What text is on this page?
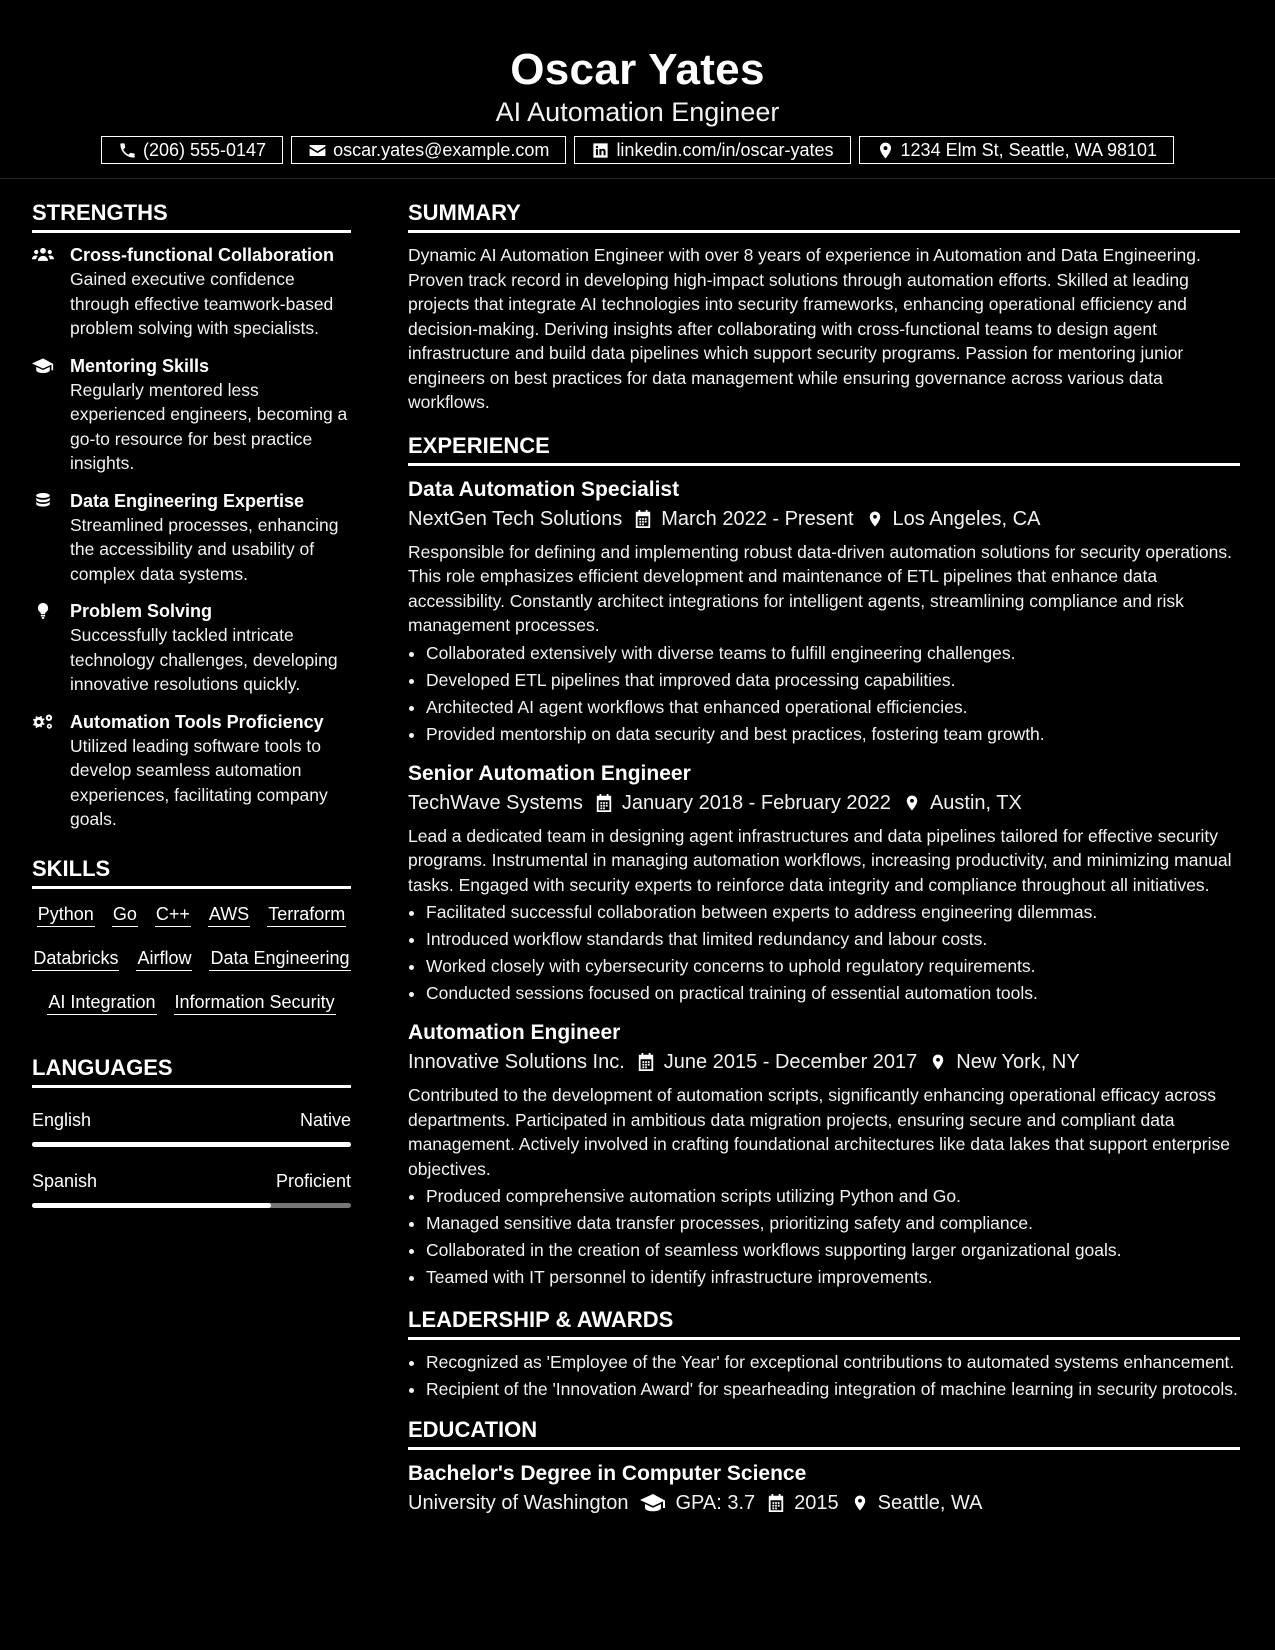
Oscar Yates
AI Automation Engineer
(206) 555-0147	oscar.yates@example.com	linkedin.com/in/oscar-yates	1234 Elm St, Seattle, WA 98101
STRENGTHS
Cross-functional Collaboration
Gained executive confidence through effective teamwork-based problem solving with specialists.
Mentoring Skills
Regularly mentored less experienced engineers, becoming a go-to resource for best practice insights.
Data Engineering Expertise
Streamlined processes, enhancing the accessibility and usability of complex data systems.
Problem Solving
Successfully tackled intricate technology challenges, developing innovative resolutions quickly.
Automation Tools Proficiency
Utilized leading software tools to develop seamless automation experiences, facilitating company goals.
SKILLS
Python Go C++ AWS Terraform
Databricks Airflow Data Engineering
AI Integration Information Security
LANGUAGES
English	Native
Spanish	Proficient
SUMMARY
Dynamic AI Automation Engineer with over 8 years of experience in Automation and Data Engineering. Proven track record in developing high-impact solutions through automation efforts. Skilled at leading projects that integrate AI technologies into security frameworks, enhancing operational efficiency and decision-making. Deriving insights after collaborating with cross-functional teams to design agent infrastructure and build data pipelines which support security programs. Passion for mentoring junior engineers on best practices for data management while ensuring governance across various data workflows.
EXPERIENCE
Data Automation Specialist
NextGen Tech Solutions March 2022 - Present Los Angeles, CA
Responsible for defining and implementing robust data-driven automation solutions for security operations. This role emphasizes efficient development and maintenance of ETL pipelines that enhance data accessibility. Constantly architect integrations for intelligent agents, streamlining compliance and risk management processes.
• Collaborated extensively with diverse teams to fulfill engineering challenges.
• Developed ETL pipelines that improved data processing capabilities.
• Architected AI agent workflows that enhanced operational efficiencies.
• Provided mentorship on data security and best practices, fostering team growth.
Senior Automation Engineer
TechWave Systems January 2018 - February 2022 Austin, TX
Lead a dedicated team in designing agent infrastructures and data pipelines tailored for effective security programs. Instrumental in managing automation workflows, increasing productivity, and minimizing manual tasks. Engaged with security experts to reinforce data integrity and compliance throughout all initiatives.
• Facilitated successful collaboration between experts to address engineering dilemmas.
• Introduced workflow standards that limited redundancy and labour costs.
• Worked closely with cybersecurity concerns to uphold regulatory requirements.
• Conducted sessions focused on practical training of essential automation tools.
Automation Engineer
Innovative Solutions Inc. June 2015 - December 2017 New York, NY
Contributed to the development of automation scripts, significantly enhancing operational efficacy across departments. Participated in ambitious data migration projects, ensuring secure and compliant data management. Actively involved in crafting foundational architectures like data lakes that support enterprise objectives.
• Produced comprehensive automation scripts utilizing Python and Go.
• Managed sensitive data transfer processes, prioritizing safety and compliance.
• Collaborated in the creation of seamless workflows supporting larger organizational goals.
• Teamed with IT personnel to identify infrastructure improvements.
LEADERSHIP & AWARDS
• Recognized as 'Employee of the Year' for exceptional contributions to automated systems enhancement.
• Recipient of the 'Innovation Award' for spearheading integration of machine learning in security protocols.
EDUCATION
Bachelor's Degree in Computer Science
University of Washington GPA: 3.7 2015 Seattle, WA
